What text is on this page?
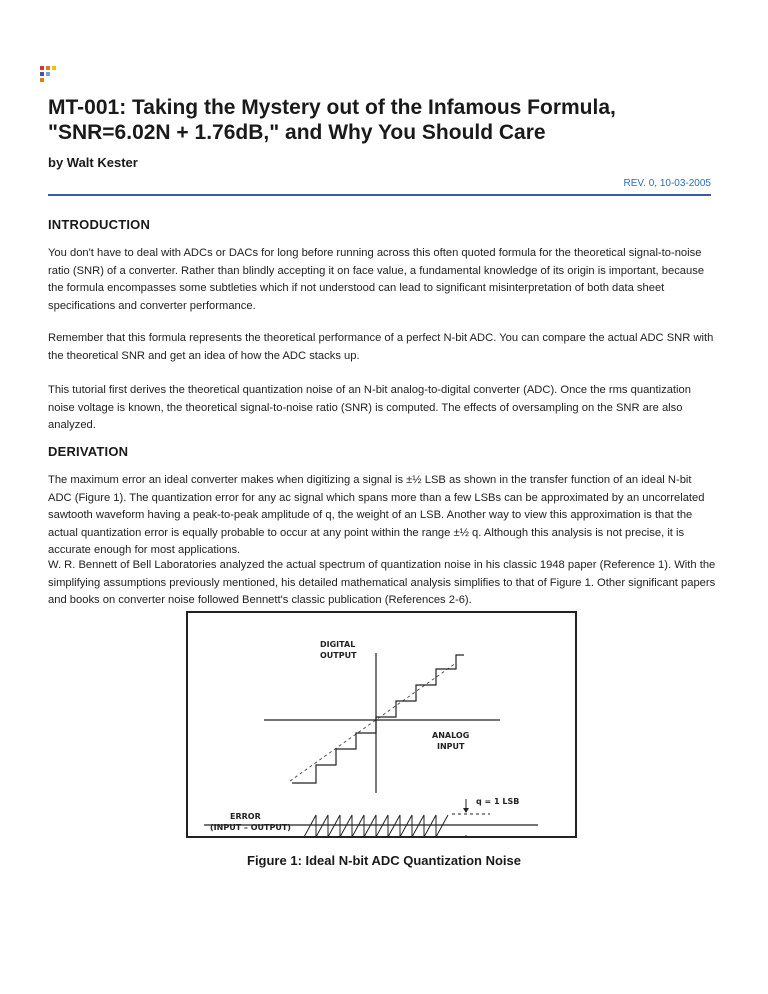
MT-001: Taking the Mystery out of the Infamous Formula, "SNR=6.02N + 1.76dB," and Why You Should Care
by Walt Kester
REV. 0, 10-03-2005
INTRODUCTION

You don't have to deal with ADCs or DACs for long before running across this often quoted formula for the theoretical signal-to-noise ratio (SNR) of a converter. Rather than blindly accepting it on face value, a fundamental knowledge of its origin is important, because the formula encompasses some subtleties which if not understood can lead to significant misinterpretation of both data sheet specifications and converter performance.

Remember that this formula represents the theoretical performance of a perfect N-bit ADC. You can compare the actual ADC SNR with the theoretical SNR and get an idea of how the ADC stacks up.

This tutorial first derives the theoretical quantization noise of an N-bit analog-to-digital converter (ADC). Once the rms quantization noise voltage is known, the theoretical signal-to-noise ratio (SNR) is computed. The effects of oversampling on the SNR are also analyzed.

DERIVATION

The maximum error an ideal converter makes when digitizing a signal is ±½ LSB as shown in the transfer function of an ideal N-bit ADC (Figure 1). The quantization error for any ac signal which spans more than a few LSBs can be approximated by an uncorrelated sawtooth waveform having a peak-to-peak amplitude of q, the weight of an LSB. Another way to view this approximation is that the actual quantization error is equally probable to occur at any point within the range ±½ q. Although this analysis is not precise, it is accurate enough for most applications.

W. R. Bennett of Bell Laboratories analyzed the actual spectrum of quantization noise in his classic 1948 paper (Reference 1). With the simplifying assumptions previously mentioned, his detailed mathematical analysis simplifies to that of Figure 1. Other significant papers and books on converter noise followed Bennett's classic publication (References 2-6).

DIGITAL
OUTPUT
ANALOG
INPUT
ERROR
(INPUT – OUTPUT)
q = 1 LSB
Figure 1: Ideal N-bit ADC Quantization Noise
